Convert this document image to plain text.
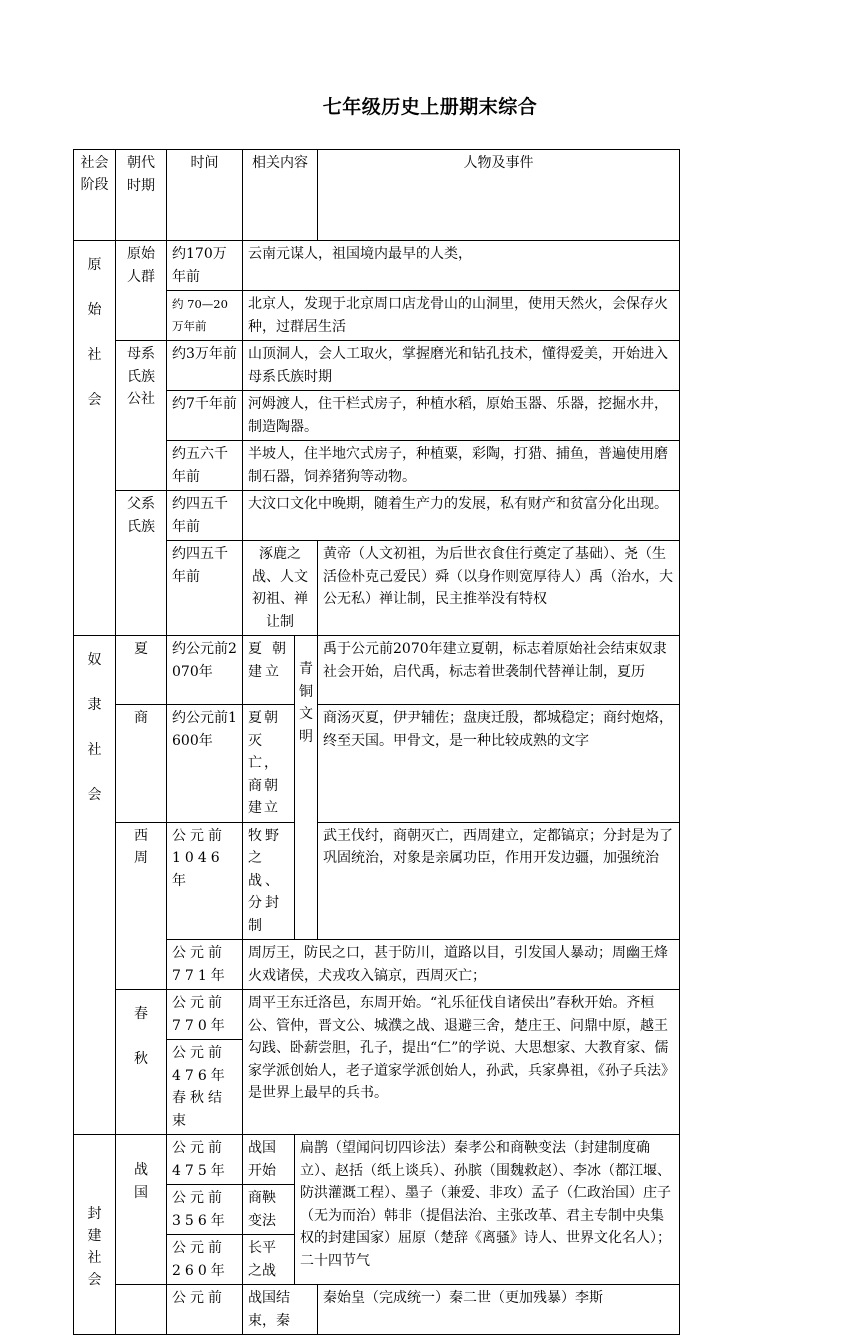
七年级历史上册期末综合
社会阶段	朝代时期	时间	相关内容		人物及事件

原始社会	原始人群	约170万年前	云南元谋人，祖国境内最早的人类，		
		约 70—20万年前	北京人，发现于北京周口店龙骨山的山洞里，使用天然火，会保存火种，过群居生活		
	母系氏族公社	约3万年前	山顶洞人，会人工取火，掌握磨光和钻孔技术，懂得爱美，开始进入母系氏族时期		
		约7千年前	河姆渡人，住干栏式房子，种植水稻，原始玉器、乐器，挖掘水井，制造陶器。		
		约五六千年前	半坡人，住半地穴式房子，种植粟，彩陶，打猎、捕鱼，普遍使用磨制石器，饲养猪狗等动物。		
	父系氏族	约四五千年前	大汶口文化中晚期，随着生产力的发展，私有财产和贫富分化出现。		
		约四五千年前	涿鹿之战、人文初祖、禅让制		黄帝（人文初祖，为后世衣食住行奠定了基础）、尧（生活俭朴克己爱民）舜（以身作则宽厚待人）禹（治水，大公无私）禅让制，民主推举没有特权

奴隶社会	夏	约公元前2070年	夏朝建立	青铜文明	禹于公元前2070年建立夏朝，标志着原始社会结束奴隶社会开始，启代禹，标志着世袭制代替禅让制，夏历
	商	约公元前1600年	夏朝灭亡，商朝建立		商汤灭夏，伊尹辅佐；盘庚迁殷，都城稳定；商纣炮烙，终至天国。甲骨文，是一种比较成熟的文字

	西周	公元前1046年	牧野之战、分封制		武王伐纣，商朝灭亡，西周建立，定都镐京；分封是为了巩固统治，对象是亲属功臣，作用开发边疆，加强统治
		公元前771年	周厉王，防民之口，甚于防川，道路以目，引发国人暴动；周幽王烽火戏诸侯，犬戎攻入镐京，西周灭亡；		

	春秋	公元前770年	周平王东迁洛邑，东周开始。“礼乐征伐自诸侯出”春秋开始。齐桓公、管仲，晋文公、城濮之战、退避三舍，楚庄王、问鼎中原，越王勾践、卧薪尝胆，孔子，提出“仁”的学说、大思想家、大教育家、儒家学派创始人，老子道家学派创始人，孙武，兵家鼻祖，《孙子兵法》是世界上最早的兵书。		
		公元前476年春秋结束			

封建社会	战国	公元前475年	战国开始	扁鹊（望闻问切四诊法）秦孝公和商鞅变法（封建制度确立）、赵括（纸上谈兵）、孙膑（围魏救赵）、李冰（都江堰、防洪灌溉工程）、墨子（兼爱、非攻）孟子（仁政治国）庄子（无为而治）韩非（提倡法治、主张改革、君主专制中央集权的封建国家）屈原（楚辞《离骚》诗人、世界文化名人）；二十四节气	
		公元前356年	商鞅变法		
		公元前260年	长平之战		
		公元前	战国结束，秦		秦始皇（完成统一）秦二世（更加残暴）李斯
